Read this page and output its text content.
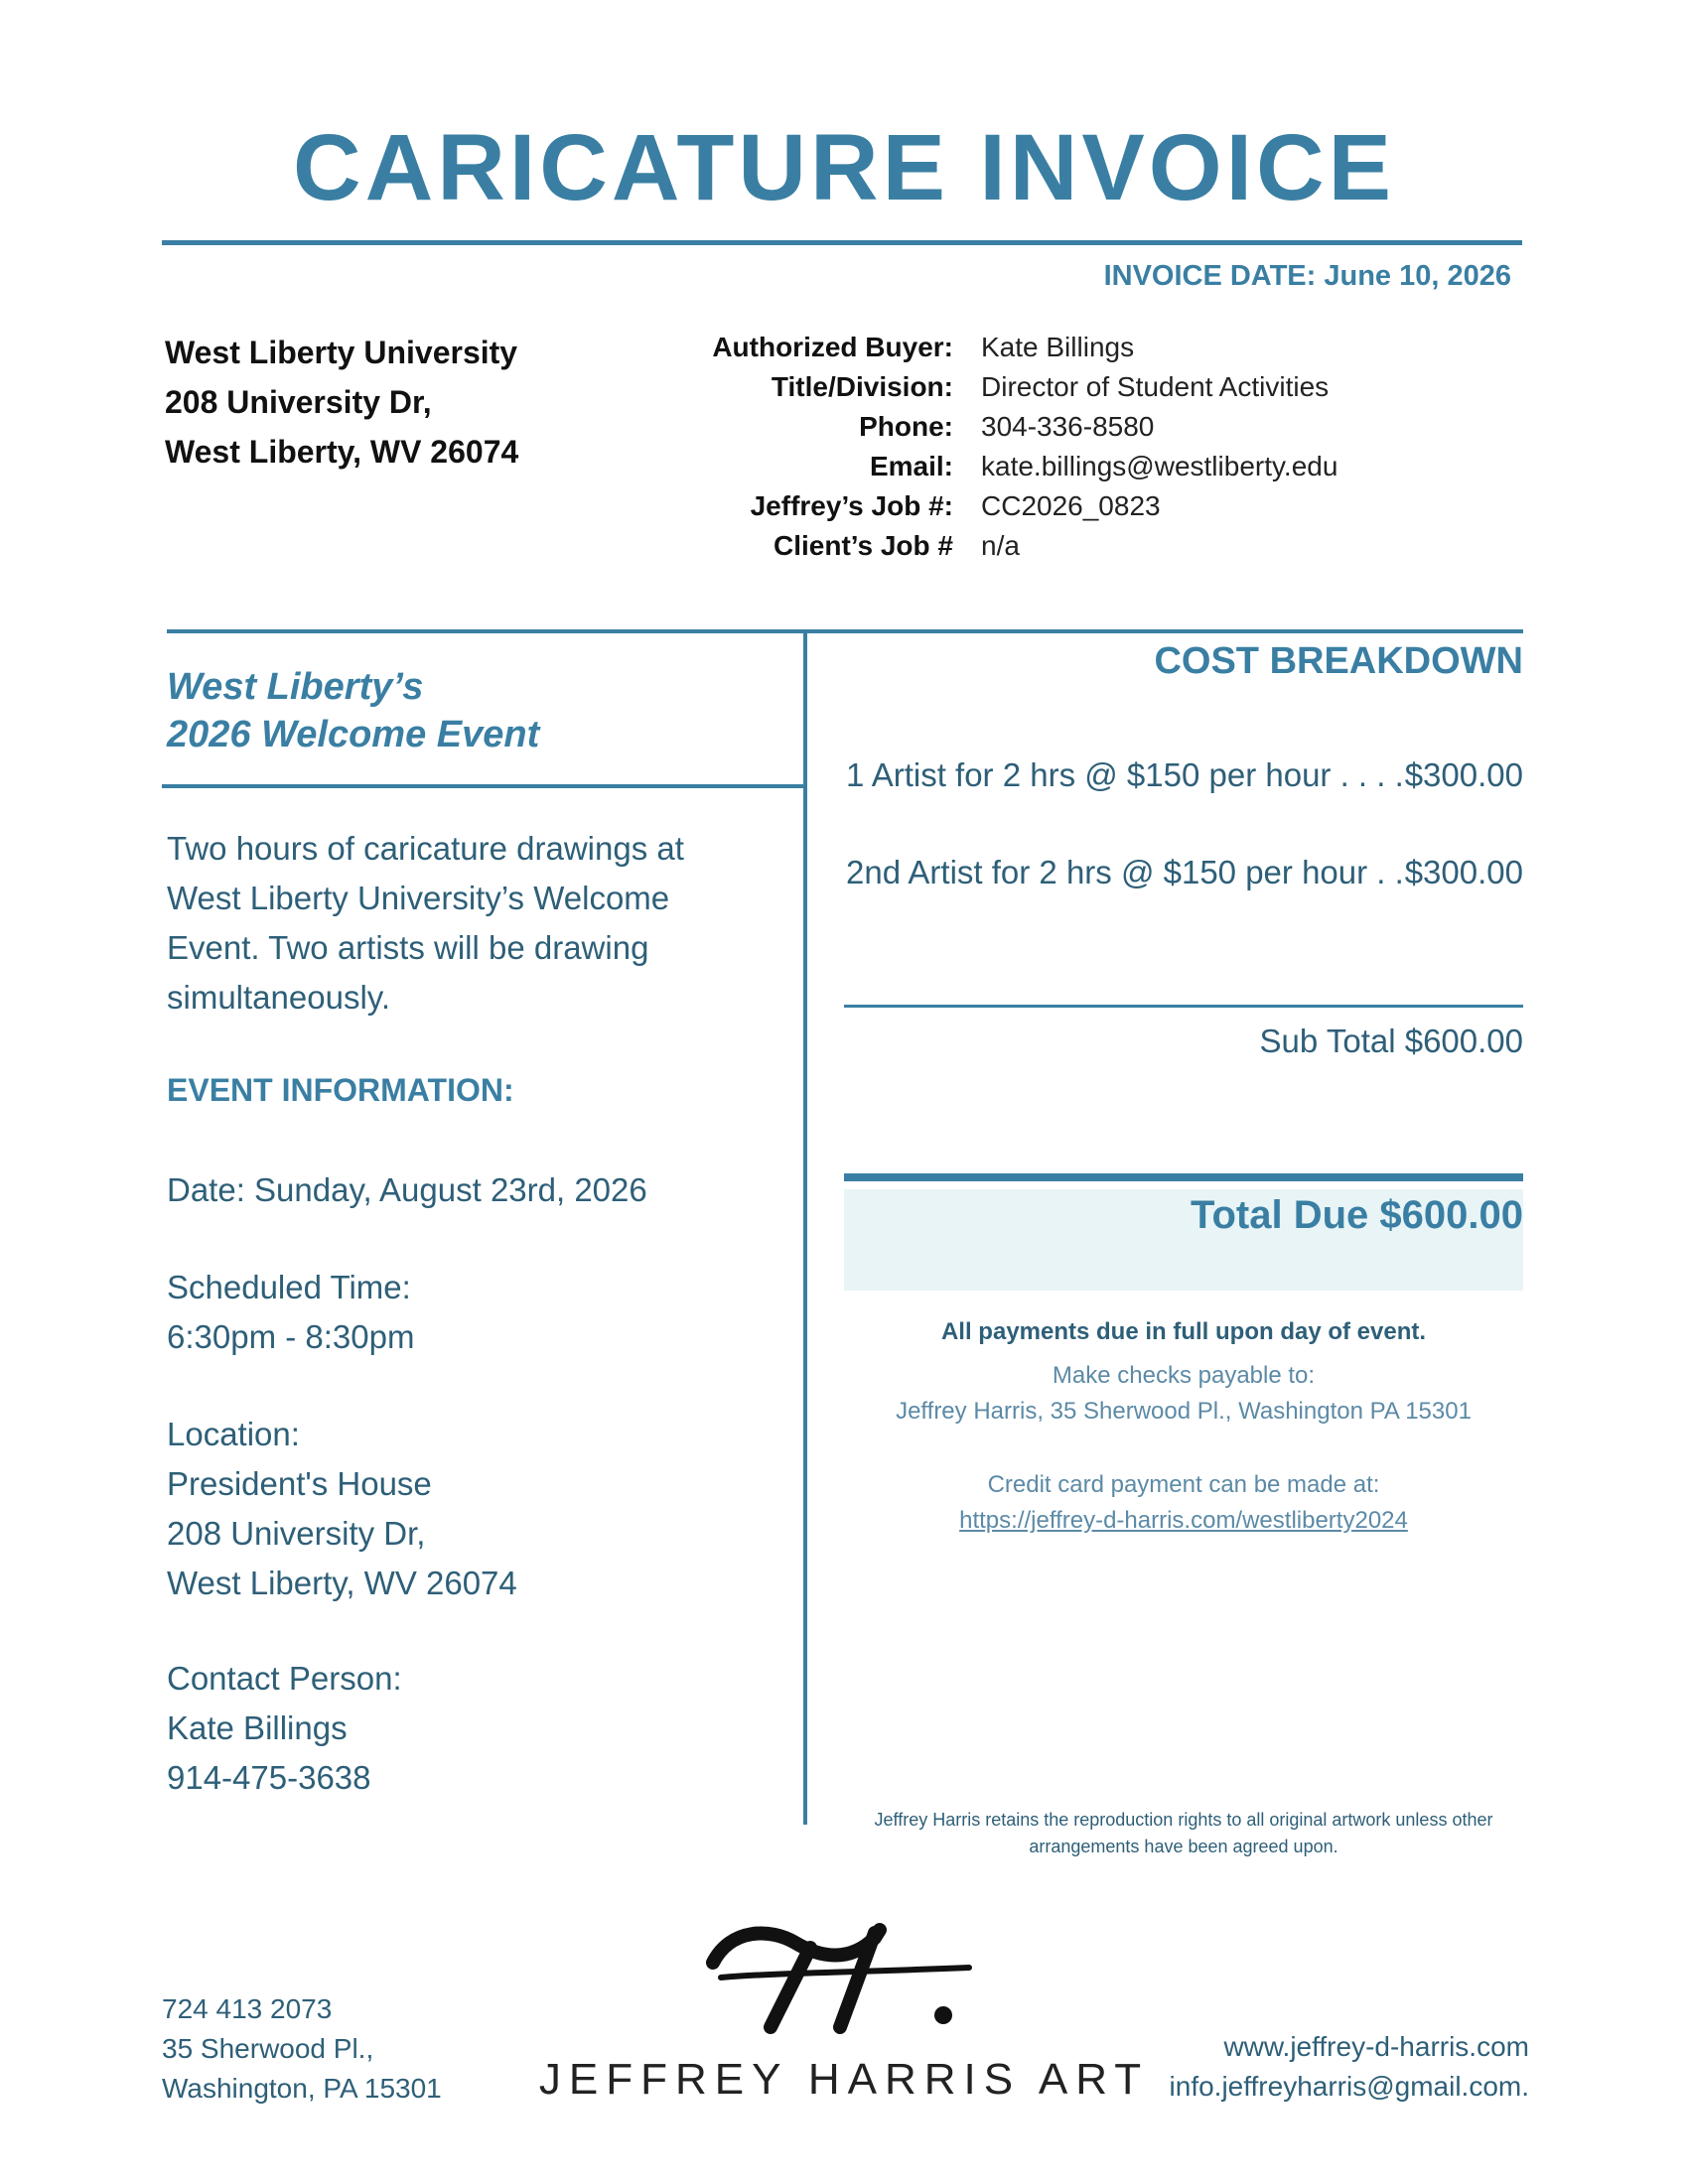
CARICATURE INVOICE
INVOICE DATE: June 10, 2026
West Liberty University
208 University Dr,
West Liberty, WV 26074
Authorized Buyer:	Kate Billings
Title/Division:	Director of Student Activities
Phone:	304-336-8580
Email:	kate.billings@westliberty.edu
Jeffrey’s Job #:	CC2026_0823
Client’s Job #	n/a
West Liberty’s
2026 Welcome Event
Two hours of caricature drawings at West Liberty University’s Welcome Event. Two artists will be drawing simultaneously.
EVENT INFORMATION:
Date: Sunday, August 23rd, 2026
Scheduled Time:
6:30pm - 8:30pm
Location:
President's House
208 University Dr,
West Liberty, WV 26074
Contact Person:
Kate Billings
914-475-3638
COST BREAKDOWN
1 Artist for 2 hrs @ $150 per hour . . . . $300.00
2nd Artist for 2 hrs @ $150 per hour . . $300.00
Sub Total $600.00
Total Due $600.00
All payments due in full upon day of event.
Make checks payable to:
Jeffrey Harris, 35 Sherwood Pl., Washington PA 15301
Credit card payment can be made at:
https://jeffrey-d-harris.com/westliberty2024
Jeffrey Harris retains the reproduction rights to all original artwork unless other arrangements have been agreed upon.
724 413 2073
35 Sherwood Pl.,
Washington, PA 15301	JEFFREY HARRIS ART
www.jeffrey-d-harris.com
info.jeffreyharris@gmail.com.
